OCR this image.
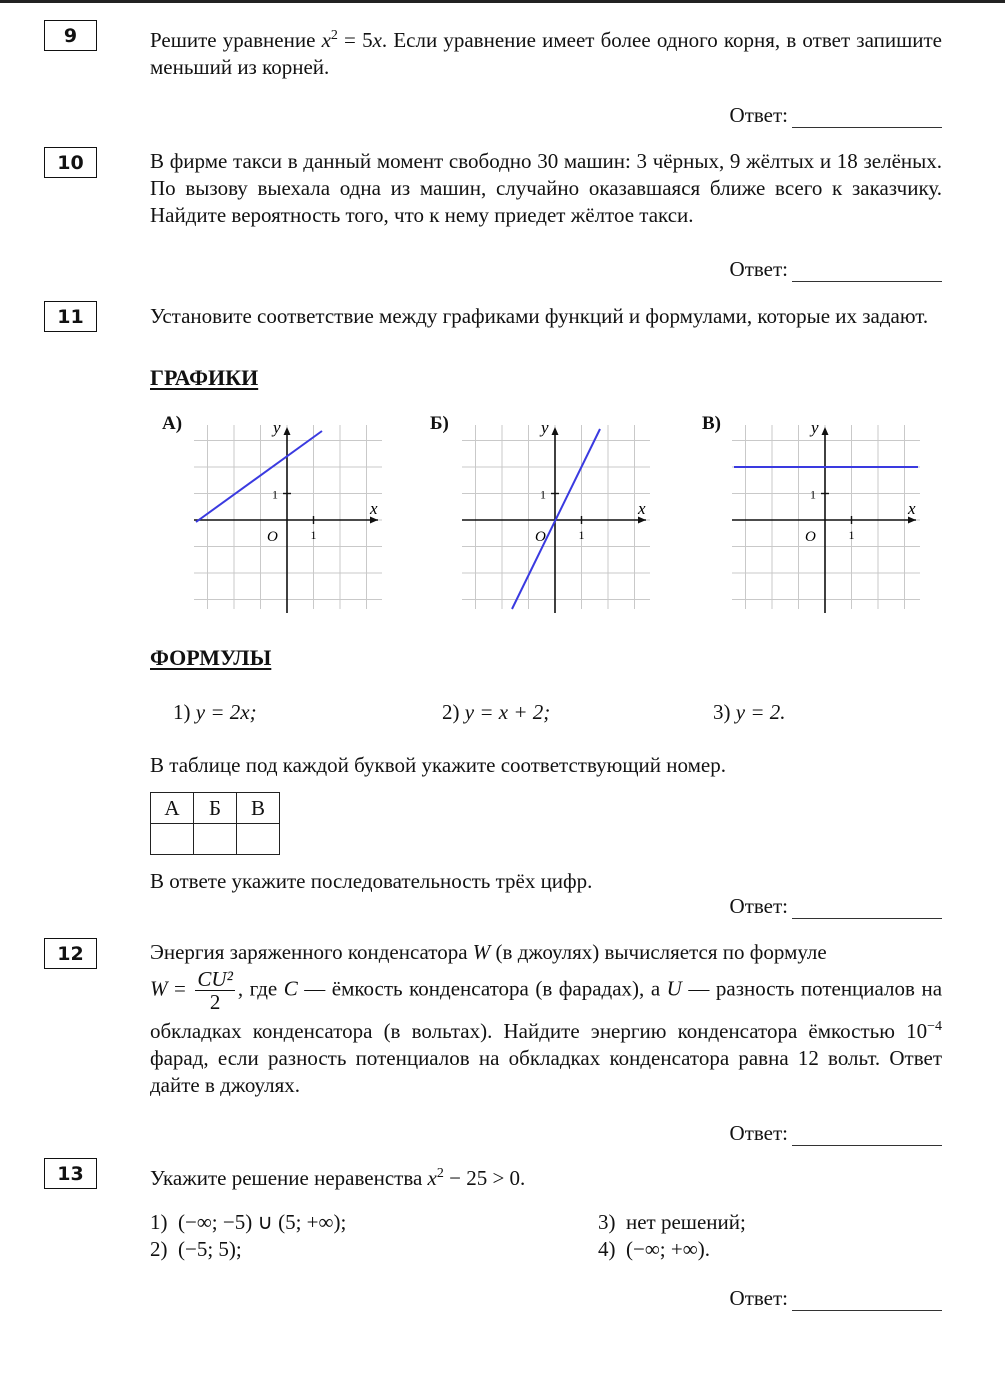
9	Решите уравнение $x^2 = 5x$. Если уравнение имеет более одного корня, в ответ запишите меньший из корней.

Ответ:
10	В фирме такси в данный момент свободно 30 машин: 3 чёрных, 9 жёлтых и 18 зелёных. По вызову выехала одна из машин, случайно оказавшаяся ближе всего к заказчику. Найдите вероятность того, что к нему приедет жёлтое такси.

Ответ:
11	Установите соответствие между графиками функций и формулами, которые их задают.

ГРАФИКИ
А)	Б)	В)
x
y
O	1
1
x
y
O	1
1
x
y
O	1
1
ФОРМУЛЫ
1) y = 2x;	2) y = x + 2;	3) y = 2.

В таблице под каждой буквой укажите соответствующий номер.

А	Б	В

В ответе укажите последовательность трёх цифр.

Ответ:
12	Энергия заряженного конденсатора W (в джоулях) вычисляется по формуле

$W = \frac{\text{CU²}}{2}$ , где C — ёмкость конденсатора (в фарадах), а U — разность потенциалов на обкладках конденсатора (в вольтах). Найдите энергию конденсатора ёмкостью $10^{-4}$ фарад, если разность потенциалов на обкладках конденсатора равна 12 вольт. Ответ дайте в джоулях.

Ответ:
13	Укажите решение неравенства $x^2 - 25 > 0$.

1) (−∞; −5) ∪ (5; +∞);
2) (−5; 5);
3) нет решений;
4) (−∞; +∞).
Ответ:
